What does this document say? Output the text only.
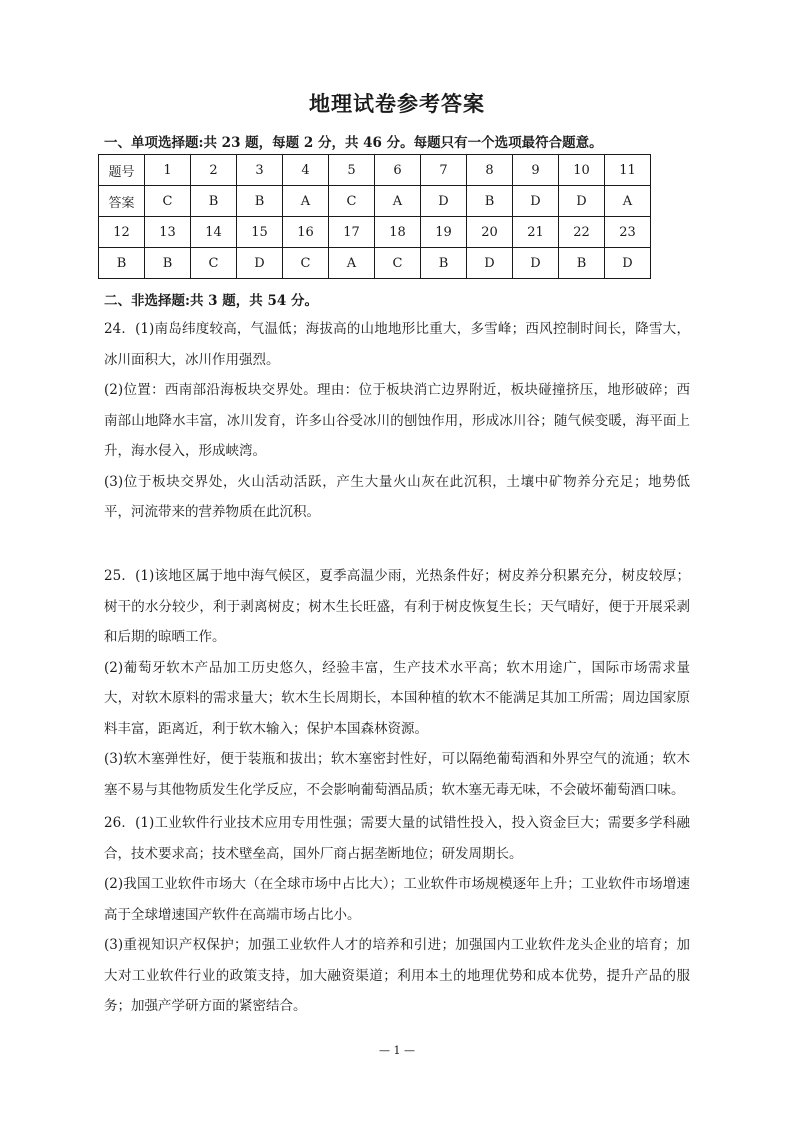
地理试卷参考答案
一、单项选择题:共 23 题，每题 2 分，共 46 分。每题只有一个选项最符合题意。
题号	1	2	3	4	5	6	7	8	9	10	11
答案	C	B	B	A	C	A	D	B	D	D	A
12	13	14	15	16	17	18	19	20	21	22	23
B	B	C	D	C	A	C	B	D	D	B	D
二、非选择题:共 3 题，共 54 分。

24．(1)南岛纬度较高，气温低；海拔高的山地地形比重大，多雪峰；西风控制时间长，降雪大，冰川面积大，冰川作用强烈。

(2)位置：西南部沿海板块交界处。理由：位于板块消亡边界附近，板块碰撞挤压，地形破碎；西南部山地降水丰富，冰川发育，许多山谷受冰川的刨蚀作用，形成冰川谷；随气候变暖，海平面上升，海水侵入，形成峡湾。

(3)位于板块交界处，火山活动活跃，产生大量火山灰在此沉积，土壤中矿物养分充足；地势低平，河流带来的营养物质在此沉积。

25．(1)该地区属于地中海气候区，夏季高温少雨，光热条件好；树皮养分积累充分，树皮较厚；树干的水分较少，利于剥离树皮；树木生长旺盛，有利于树皮恢复生长；天气晴好，便于开展采剥和后期的晾晒工作。

(2)葡萄牙软木产品加工历史悠久，经验丰富，生产技术水平高；软木用途广，国际市场需求量大，对软木原料的需求量大；软木生长周期长，本国种植的软木不能满足其加工所需；周边国家原料丰富，距离近，利于软木输入；保护本国森林资源。

(3)软木塞弹性好，便于装瓶和拔出；软木塞密封性好，可以隔绝葡萄酒和外界空气的流通；软木塞不易与其他物质发生化学反应，不会影响葡萄酒品质；软木塞无毒无味，不会破坏葡萄酒口味。

26．(1)工业软件行业技术应用专用性强；需要大量的试错性投入，投入资金巨大；需要多学科融合，技术要求高；技术壁垒高，国外厂商占据垄断地位；研发周期长。

(2)我国工业软件市场大（在全球市场中占比大）；工业软件市场规模逐年上升；工业软件市场增速高于全球增速国产软件在高端市场占比小。

(3)重视知识产权保护；加强工业软件人才的培养和引进；加强国内工业软件龙头企业的培育；加大对工业软件行业的政策支持，加大融资渠道；利用本土的地理优势和成本优势，提升产品的服务；加强产学研方面的紧密结合。

— 1 —
